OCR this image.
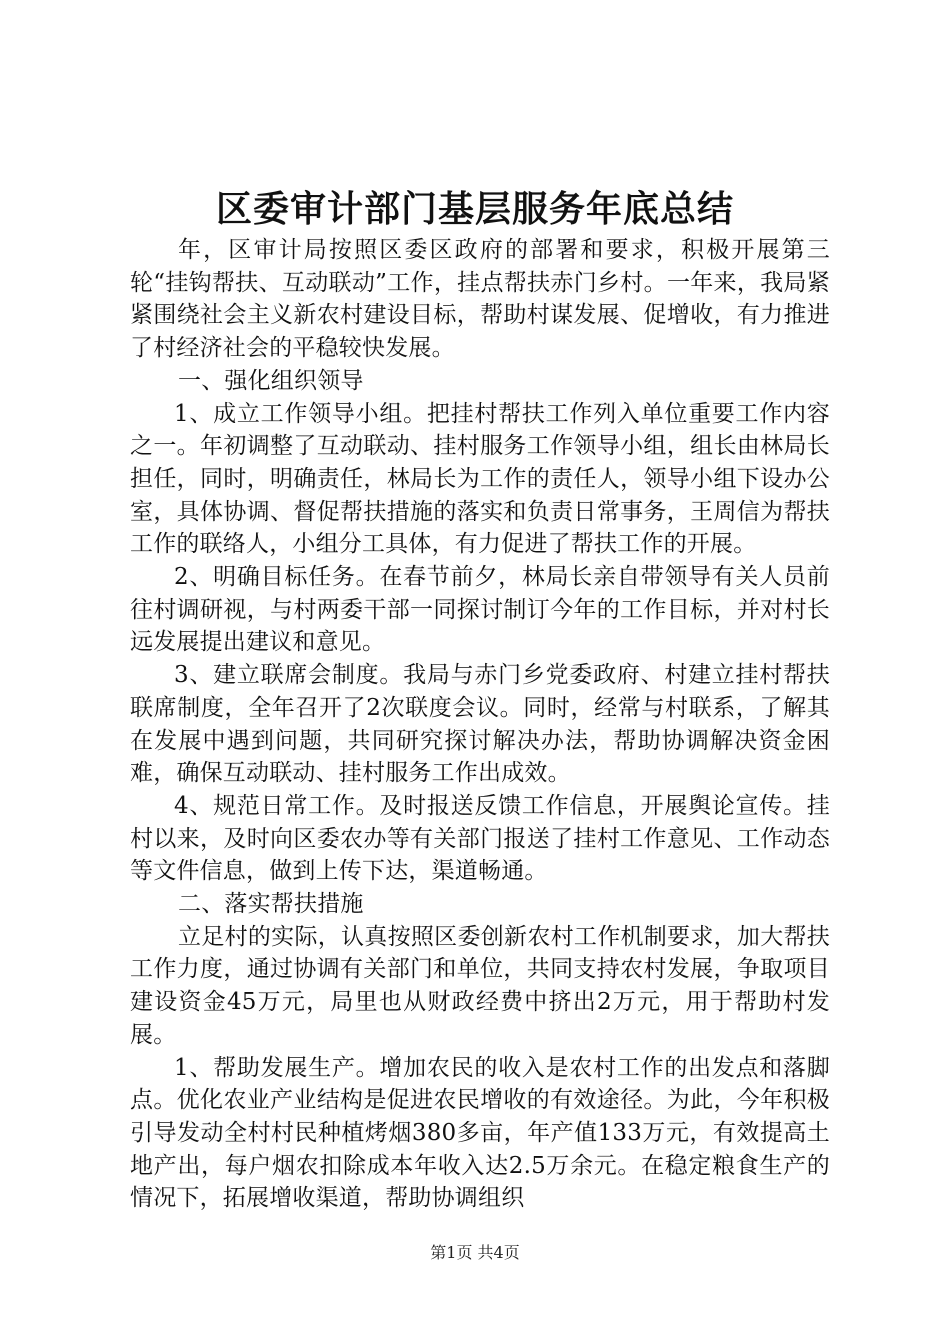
区委审计部门基层服务年底总结

年，区审计局按照区委区政府的部署和要求，积极开展第三轮“挂钩帮扶、互动联动”工作，挂点帮扶赤门乡村。一年来，我局紧紧围绕社会主义新农村建设目标，帮助村谋发展、促增收，有力推进了村经济社会的平稳较快发展。

一、强化组织领导

1、成立工作领导小组。把挂村帮扶工作列入单位重要工作内容之一。年初调整了互动联动、挂村服务工作领导小组，组长由林局长担任，同时，明确责任，林局长为工作的责任人，领导小组下设办公室，具体协调、督促帮扶措施的落实和负责日常事务，王周信为帮扶工作的联络人，小组分工具体，有力促进了帮扶工作的开展。

2、明确目标任务。在春节前夕，林局长亲自带领导有关人员前往村调研视，与村两委干部一同探讨制订今年的工作目标，并对村长远发展提出建议和意见。

3、建立联席会制度。我局与赤门乡党委政府、村建立挂村帮扶联席制度，全年召开了2次联度会议。同时，经常与村联系，了解其在发展中遇到问题，共同研究探讨解决办法，帮助协调解决资金困难，确保互动联动、挂村服务工作出成效。

4、规范日常工作。及时报送反馈工作信息，开展舆论宣传。挂村以来，及时向区委农办等有关部门报送了挂村工作意见、工作动态等文件信息，做到上传下达，渠道畅通。

二、落实帮扶措施

立足村的实际，认真按照区委创新农村工作机制要求，加大帮扶工作力度，通过协调有关部门和单位，共同支持农村发展，争取项目建设资金45万元，局里也从财政经费中挤出2万元，用于帮助村发展。

1、帮助发展生产。增加农民的收入是农村工作的出发点和落脚点。优化农业产业结构是促进农民增收的有效途径。为此，今年积极引导发动全村村民种植烤烟380多亩，年产值133万元，有效提高土地产出，每户烟农扣除成本年收入达2.5万余元。在稳定粮食生产的情况下，拓展增收渠道，帮助协调组织

第1页 共4页
